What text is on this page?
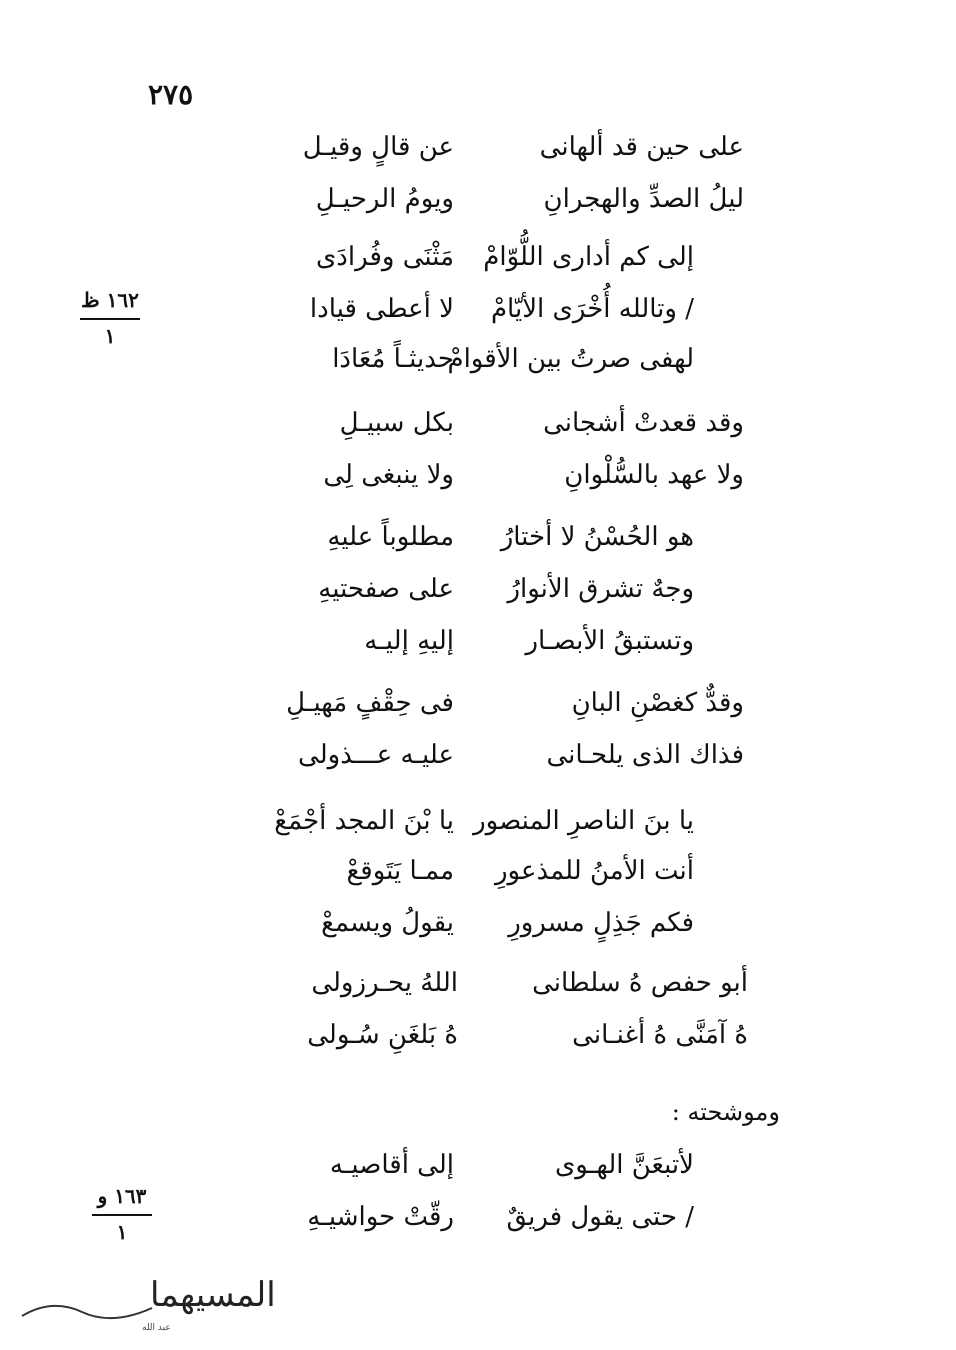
٢٧٥
على حين قد ألهانى
عن قالٍ وقيـل
ليلُ الصدِّ والهجرانِ
ويومُ الرحيـلِ
إلى كم أدارى اللُّوّامْ
مَثْنَى وفُرادَى
/ وتالله أُخْرَى الأيّامْ
لا أعطى قيادا
لهفى صرتُ بين الأقوامْ
حديثـاً مُعَادَا
وقد قعدتْ أشجانى
بكل سبيـلِ
ولا عهد بالسُّلْوانِ
ولا ينبغى لِى
هو الحُسْنُ لا أختارُ
مطلوباً عليهِ
وجهٌ تشرق الأنوارُ
على صفحتيهِ
وتستبقُ الأبصـار
إليهِ إليـه
وقدٌّ كغصْنِ البانِ
فى حِقْفٍ مَهيـلِ
فذاك الذى يلحـانى
عليـه عـــذولى
يا بنَ الناصرِ المنصور
يا بْنَ المجد أجْمَعْ
أنت الأمنُ للمذعورِ
ممـا يَتَوقعْ
فكم جَذِلٍ مسرورِ
يقولُ ويسمعْ
أبو حفص هُ سلطانى
اللهُ يحـرزولى
هُ آمَنَّى هُ أغنـانى
هُ بَلغَنِ سُـولى
١٦٢ ظ
١
١٦٣ و
١
وموشحته :
لأتبعَنَّ الهـوى
إلى أقاصيـه
/ حتى يقول فريقٌ
رقّتْ حواشيـهِ
المسيهما
عبد الله
